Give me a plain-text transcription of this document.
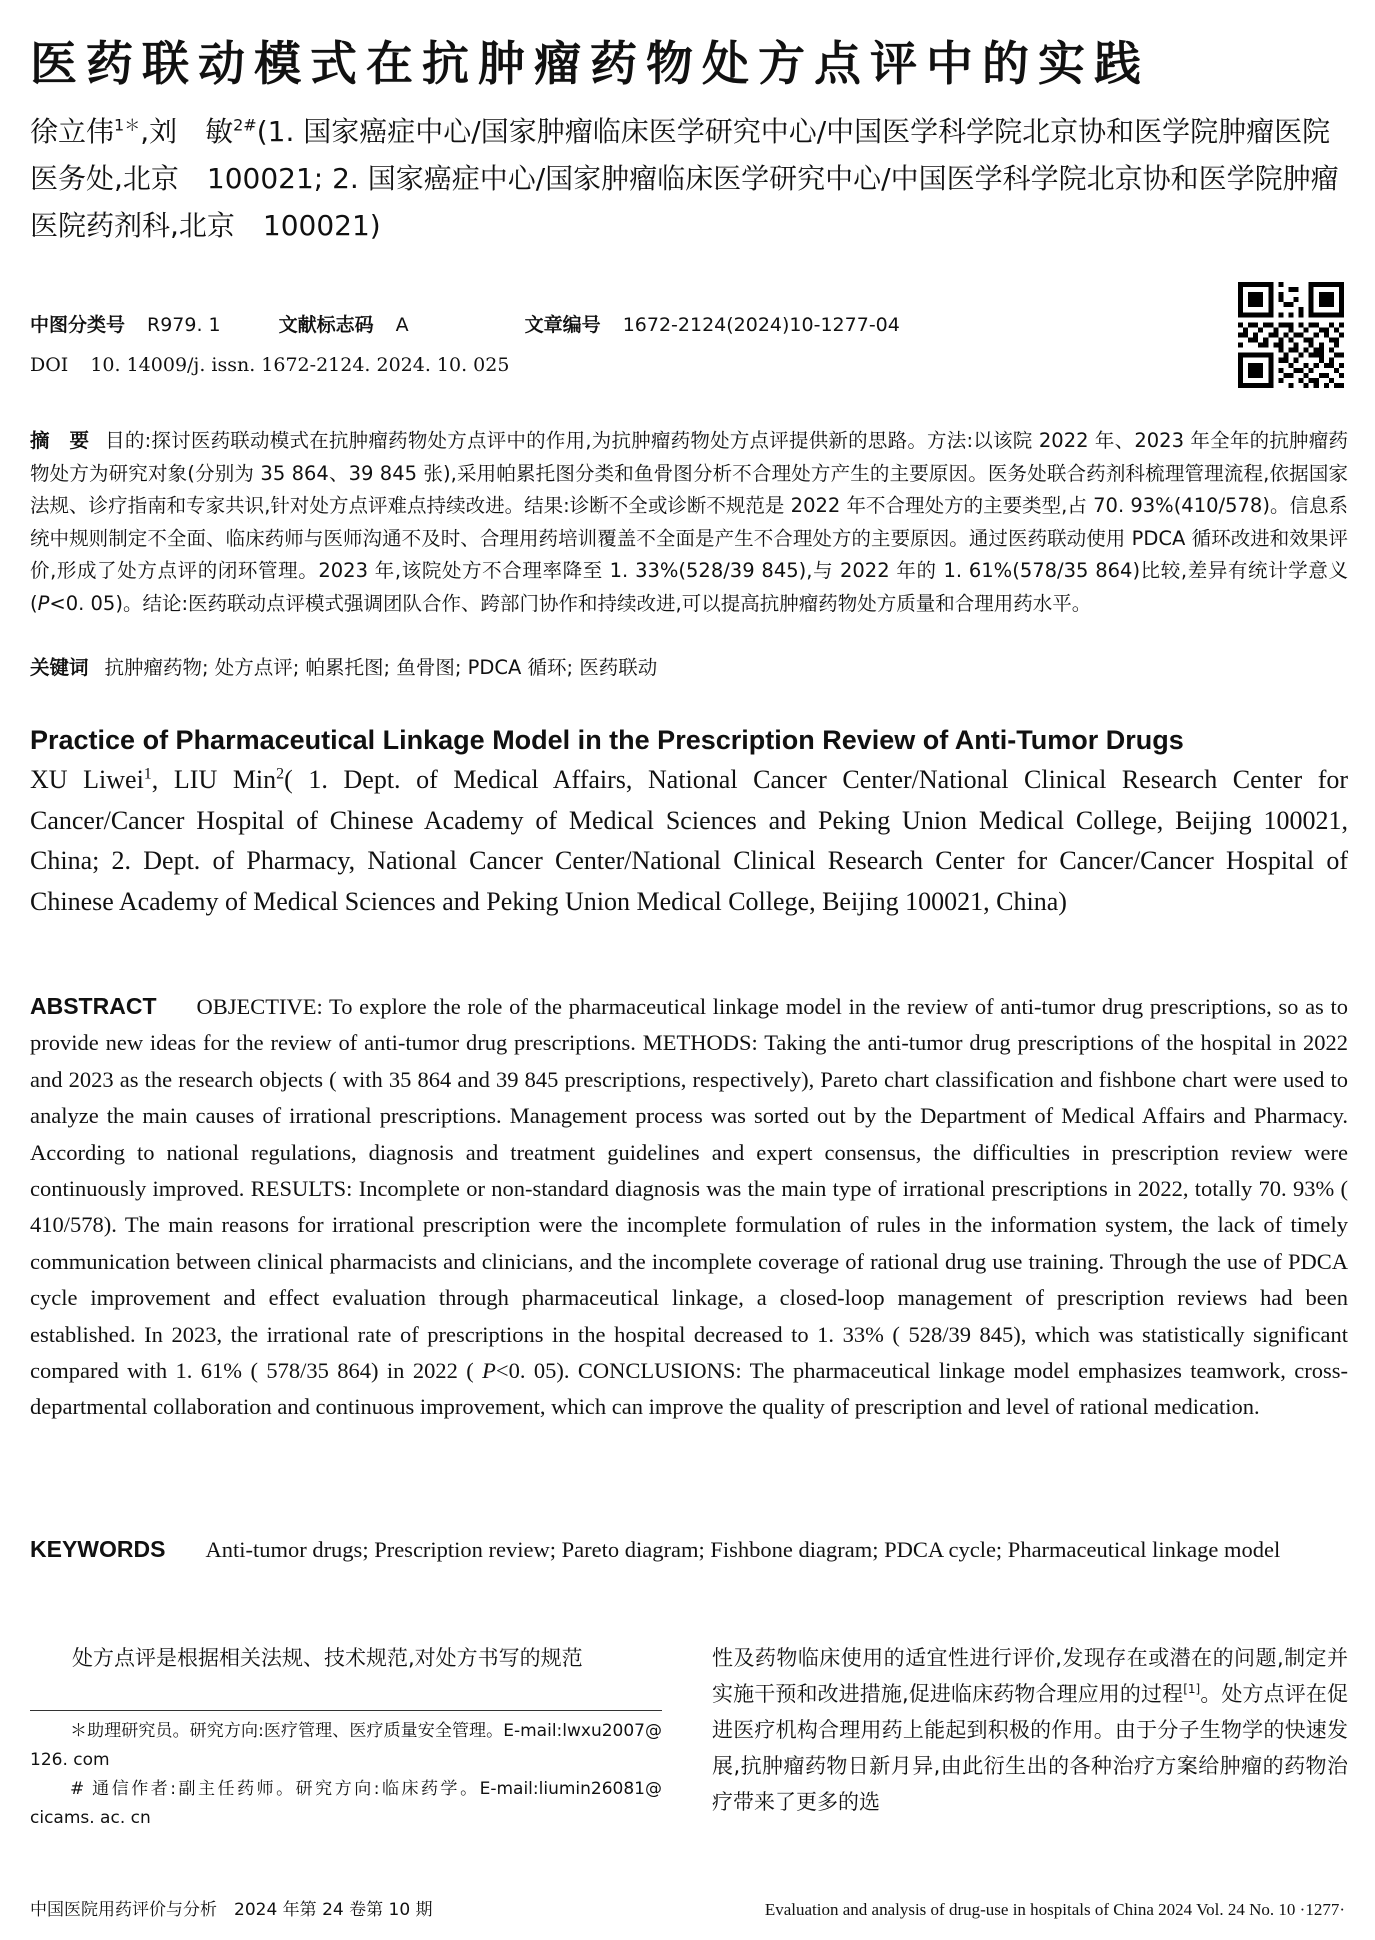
医药联动模式在抗肿瘤药物处方点评中的实践
徐立伟$^{1*}$,刘　敏$^{2\#}$(1. 国家癌症中心/国家肿瘤临床医学研究中心/中国医学科学院北京协和医学院肿瘤医院医务处,北京　100021; 2. 国家癌症中心/国家肿瘤临床医学研究中心/中国医学科学院北京协和医学院肿瘤医院药剂科,北京　100021)
中图分类号 R979. 1	文献标志码 A	文章编号 1672-2124(2024)10-1277-04
DOI 10. 14009/j. issn. 1672-2124. 2024. 10. 025
摘　要 目的:探讨医药联动模式在抗肿瘤药物处方点评中的作用,为抗肿瘤药物处方点评提供新的思路。方法:以该院 2022 年、2023 年全年的抗肿瘤药物处方为研究对象(分别为 35 864、39 845 张),采用帕累托图分类和鱼骨图分析不合理处方产生的主要原因。医务处联合药剂科梳理管理流程,依据国家法规、诊疗指南和专家共识,针对处方点评难点持续改进。结果:诊断不全或诊断不规范是 2022 年不合理处方的主要类型,占 70. 93%(410/578)。信息系统中规则制定不全面、临床药师与医师沟通不及时、合理用药培训覆盖不全面是产生不合理处方的主要原因。通过医药联动使用 PDCA 循环改进和效果评价,形成了处方点评的闭环管理。2023 年,该院处方不合理率降至 1. 33%(528/39 845),与 2022 年的 1. 61%(578/35 864)比较,差异有统计学意义(P<0. 05)。结论:医药联动点评模式强调团队合作、跨部门协作和持续改进,可以提高抗肿瘤药物处方质量和合理用药水平。
关键词 抗肿瘤药物; 处方点评; 帕累托图; 鱼骨图; PDCA 循环; 医药联动
Practice of Pharmaceutical Linkage Model in the Prescription Review of Anti-Tumor Drugs
XU Liwei$^1$, LIU Min$^2$( 1. Dept. of Medical Affairs, National Cancer Center/National Clinical Research Center for Cancer/Cancer Hospital of Chinese Academy of Medical Sciences and Peking Union Medical College, Beijing 100021, China; 2. Dept. of Pharmacy, National Cancer Center/National Clinical Research Center for Cancer/Cancer Hospital of Chinese Academy of Medical Sciences and Peking Union Medical College, Beijing 100021, China)
ABSTRACT OBJECTIVE: To explore the role of the pharmaceutical linkage model in the review of anti-tumor drug prescriptions, so as to provide new ideas for the review of anti-tumor drug prescriptions. METHODS: Taking the anti-tumor drug prescriptions of the hospital in 2022 and 2023 as the research objects ( with 35 864 and 39 845 prescriptions, respectively), Pareto chart classification and fishbone chart were used to analyze the main causes of irrational prescriptions. Management process was sorted out by the Department of Medical Affairs and Pharmacy. According to national regulations, diagnosis and treatment guidelines and expert consensus, the difficulties in prescription review were continuously improved. RESULTS: Incomplete or non-standard diagnosis was the main type of irrational prescriptions in 2022, totally 70. 93% ( 410/578). The main reasons for irrational prescription were the incomplete formulation of rules in the information system, the lack of timely communication between clinical pharmacists and clinicians, and the incomplete coverage of rational drug use training. Through the use of PDCA cycle improvement and effect evaluation through pharmaceutical linkage, a closed-loop management of prescription reviews had been established. In 2023, the irrational rate of prescriptions in the hospital decreased to 1. 33% ( 528/39 845), which was statistically significant compared with 1. 61% ( 578/35 864) in 2022 ( P<0. 05). CONCLUSIONS: The pharmaceutical linkage model emphasizes teamwork, cross-departmental collaboration and continuous improvement, which can improve the quality of prescription and level of rational medication.
KEYWORDS Anti-tumor drugs; Prescription review; Pareto diagram; Fishbone diagram; PDCA cycle; Pharmaceutical linkage model
处方点评是根据相关法规、技术规范,对处方书写的规范
＊助理研究员。研究方向:医疗管理、医疗质量安全管理。E-mail:lwxu2007@ 126. com
# 通信作者:副主任药师。研究方向:临床药学。E-mail:liumin26081@ cicams. ac. cn
性及药物临床使用的适宜性进行评价,发现存在或潜在的问题,制定并实施干预和改进措施,促进临床药物合理应用的过程[1]。处方点评在促进医疗机构合理用药上能起到积极的作用。由于分子生物学的快速发展,抗肿瘤药物日新月异,由此衍生出的各种治疗方案给肿瘤的药物治疗带来了更多的选
中国医院用药评价与分析　2024 年第 24 卷第 10 期	Evaluation and analysis of drug-use in hospitals of China 2024 Vol. 24 No. 10 ·1277·
